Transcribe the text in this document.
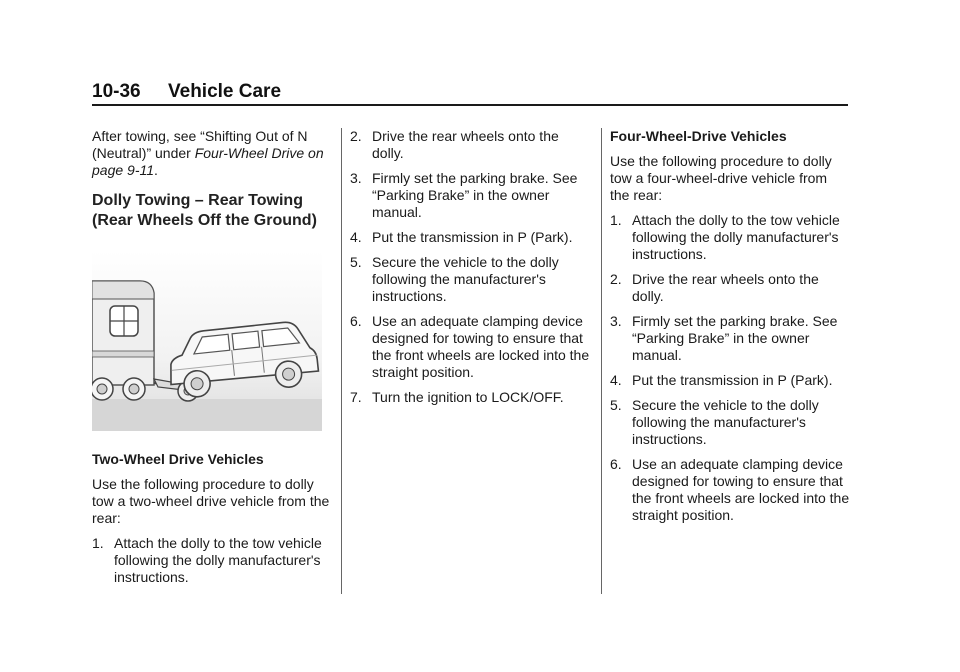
10-36 Vehicle Care

After towing, see “Shifting Out of N (Neutral)” under Four-Wheel Drive on page 9-11.

Dolly Towing – Rear Towing
(Rear Wheels Off the Ground)

Two-Wheel Drive Vehicles

Use the following procedure to dolly tow a two-wheel drive vehicle from the rear:

1. Attach the dolly to the tow vehicle following the dolly manufacturer's instructions.
2. Drive the rear wheels onto the dolly.
3. Firmly set the parking brake. See “Parking Brake” in the owner manual.
4. Put the transmission in P (Park).
5. Secure the vehicle to the dolly following the manufacturer's instructions.
6. Use an adequate clamping device designed for towing to ensure that the front wheels are locked into the straight position.
7. Turn the ignition to LOCK/OFF.

Four-Wheel-Drive Vehicles

Use the following procedure to dolly tow a four-wheel-drive vehicle from the rear:

1. Attach the dolly to the tow vehicle following the dolly manufacturer's instructions.
2. Drive the rear wheels onto the dolly.
3. Firmly set the parking brake. See “Parking Brake” in the owner manual.
4. Put the transmission in P (Park).
5. Secure the vehicle to the dolly following the manufacturer's instructions.
6. Use an adequate clamping device designed for towing to ensure that the front wheels are locked into the straight position.
